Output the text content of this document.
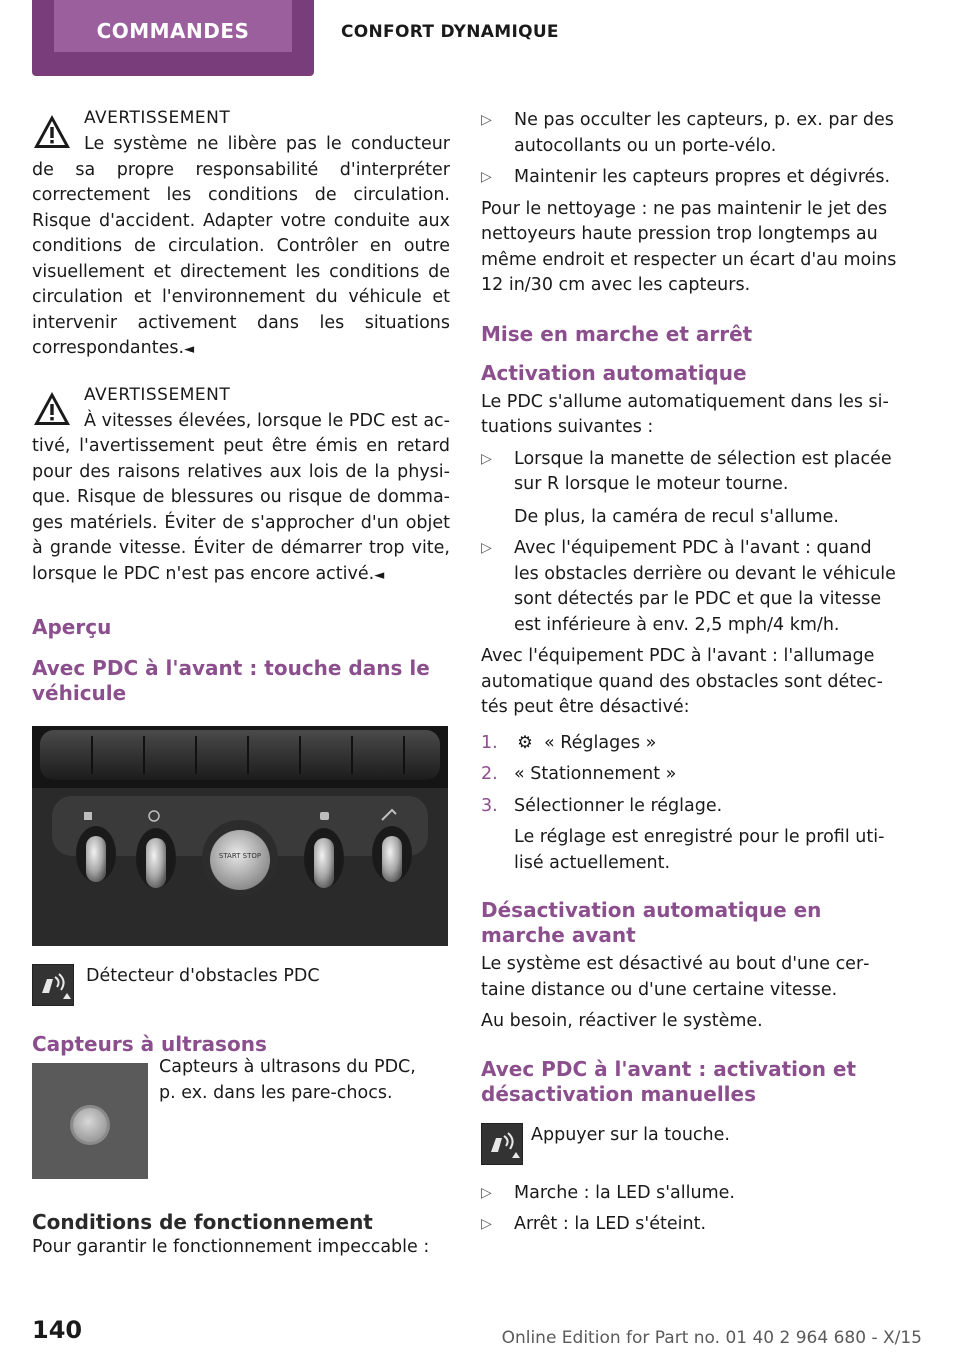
COMMANDES	CONFORT DYNAMIQUE
AVERTISSEMENT

Le système ne libère pas le conducteur de sa propre responsabilité d'interpréter correctement les conditions de circulation. Risque d'accident. Adapter votre conduite aux conditions de circulation. Contrôler en outre visuellement et directement les conditions de circulation et l'environnement du véhicule et intervenir activement dans les situations correspondantes.◄

AVERTISSEMENT

À vitesses élevées, lorsque le PDC est activé, l'avertissement peut être émis en retard pour des raisons relatives aux lois de la physique. Risque de blessures ou risque de dommages matériels. Éviter de s'approcher d'un objet à grande vitesse. Éviter de démarrer trop vite, lorsque le PDC n'est pas encore activé.◄

Aperçu
Avec PDC à l'avant : touche dans le véhicule
START STOP

Détecteur d'obstacles PDC

Capteurs à ultrasons

Capteurs à ultrasons du PDC, p. ex. dans les pare-chocs.

Conditions de fonctionnement

Pour garantir le fonctionnement impeccable :

▷ Ne pas occulter les capteurs, p. ex. par des autocollants ou un porte-vélo.
▷ Maintenir les capteurs propres et dégivrés.

Pour le nettoyage : ne pas maintenir le jet des nettoyeurs haute pression trop longtemps au même endroit et respecter un écart d'au moins 12 in/30 cm avec les capteurs.

Mise en marche et arrêt
Activation automatique

Le PDC s'allume automatiquement dans les situations suivantes :

▷ Lorsque la manette de sélection est placée sur R lorsque le moteur tourne.
De plus, la caméra de recul s'allume.
▷ Avec l'équipement PDC à l'avant : quand les obstacles derrière ou devant le véhicule sont détectés par le PDC et que la vitesse est inférieure à env. 2,5 mph/4 km/h.

Avec l'équipement PDC à l'avant : l'allumage automatique quand des obstacles sont détectés peut être désactivé:

1. ⚙ « Réglages »
2. « Stationnement »
3. Sélectionner le réglage.
Le réglage est enregistré pour le profil utilisé actuellement.
Désactivation automatique en marche avant

Le système est désactivé au bout d'une certaine distance ou d'une certaine vitesse.

Au besoin, réactiver le système.

Avec PDC à l'avant : activation et désactivation manuelles

Appuyer sur la touche.

▷ Marche : la LED s'allume.
▷ Arrêt : la LED s'éteint.
140	Online Edition for Part no. 01 40 2 964 680 - X/15
